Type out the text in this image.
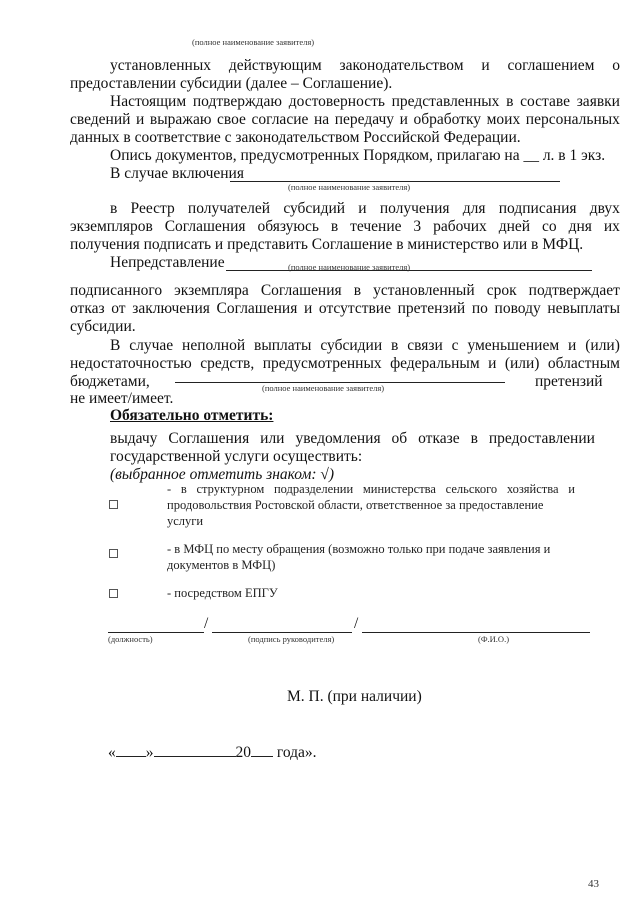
(полное наименование заявителя)
установленных действующим законодательством и соглашением о
предоставлении субсидии (далее – Соглашение).
Настоящим подтверждаю достоверность представленных в составе заявки
сведений и выражаю свое согласие на передачу и обработку моих персональных
данных в соответствие с законодательством Российской Федерации.
Опись документов, предусмотренных Порядком, прилагаю на __ л. в 1 экз.
В случае включения
(полное наименование заявителя)
в Реестр получателей субсидий и получения для подписания двух
экземпляров Соглашения обязуюсь в течение 3 рабочих дней со дня их
получения подписать и представить Соглашение в министерство или в МФЦ.
Непредставление	(полное наименование заявителя)
подписанного экземпляра Соглашения в установленный срок подтверждает
отказ от заключения Соглашения и отсутствие претензий по поводу невыплаты
субсидии.
В случае неполной выплаты субсидии в связи с уменьшением и (или)
недостаточностью средств, предусмотренных федеральным и (или) областным
бюджетами,	претензий
(полное наименование заявителя)
не имеет/имеет.
Обязательно отметить:
выдачу Соглашения или уведомления об отказе в предоставлении
государственной услуги осуществить:
(выбранное отметить знаком: √)
- в структурном подразделении министерства сельского хозяйства и
продовольствия Ростовской области, ответственное за предоставление
услуги
- в МФЦ по месту обращения (возможно только при подаче заявления и
документов в МФЦ)
- посредством ЕПГУ
/	/
(должность)	(подпись руководителя)	(Ф.И.О.)
М. П. (при наличии)
« »	20 года».
43
